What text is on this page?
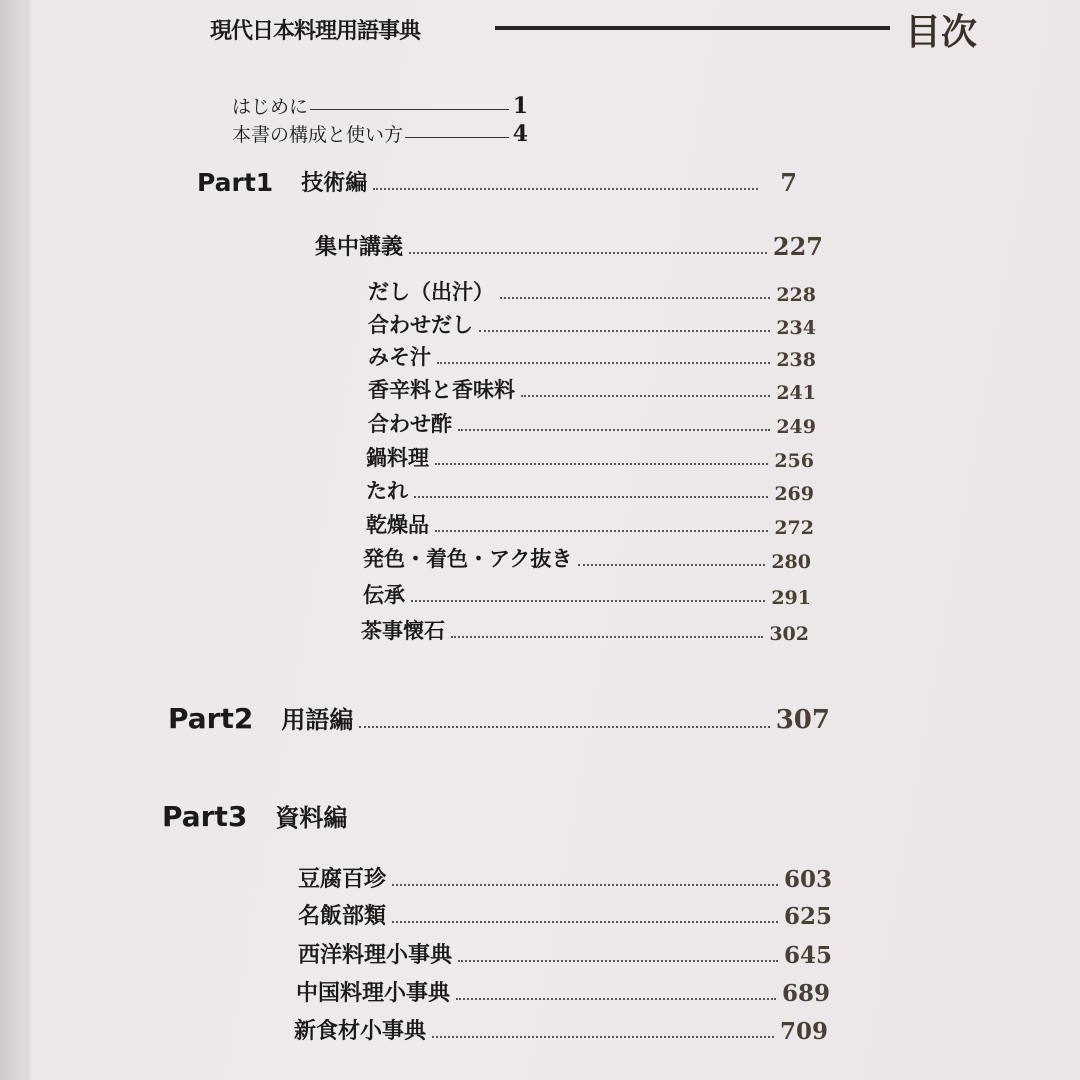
現代日本料理用語事典	目次
はじめに	1
本書の構成と使い方	4
Part1 技術編	7
集中講義	227
だし（出汁）	228
合わせだし	234
みそ汁	238
香辛料と香味料	241
合わせ酢	249
鍋料理	256
たれ	269
乾燥品	272
発色・着色・アク抜き	280
伝承	291
茶事懐石	302
Part2 用語編	307
Part3 資料編
豆腐百珍	603
名飯部類	625
西洋料理小事典	645
中国料理小事典	689
新食材小事典	709
